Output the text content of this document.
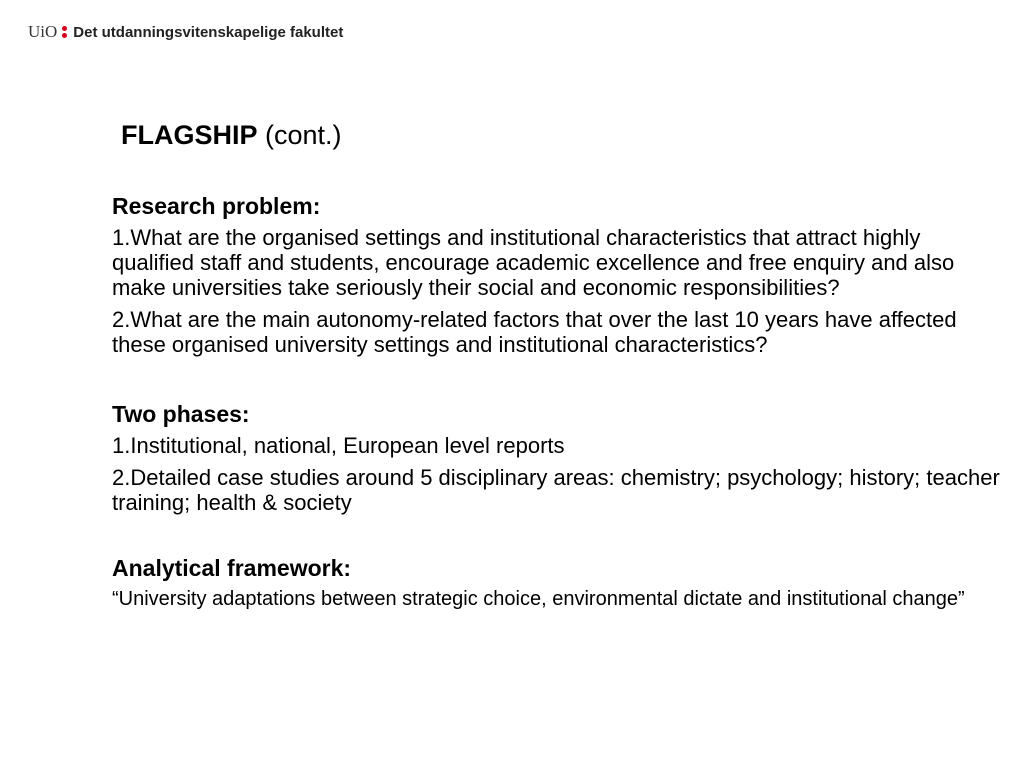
UiO Det utdanningsvitenskapelige fakultet
FLAGSHIP (cont.)
Research problem:
1.What are the organised settings and institutional characteristics that attract highly qualified staff and students, encourage academic excellence and free enquiry and also make universities take seriously their social and economic responsibilities?
2.What are the main autonomy-related factors that over the last 10 years have affected these organised university settings and institutional characteristics?
Two phases:
1.Institutional, national, European level reports
2.Detailed case studies around 5 disciplinary areas: chemistry; psychology; history; teacher training; health & society
Analytical framework:
“University adaptations between strategic choice, environmental dictate and institutional change”
